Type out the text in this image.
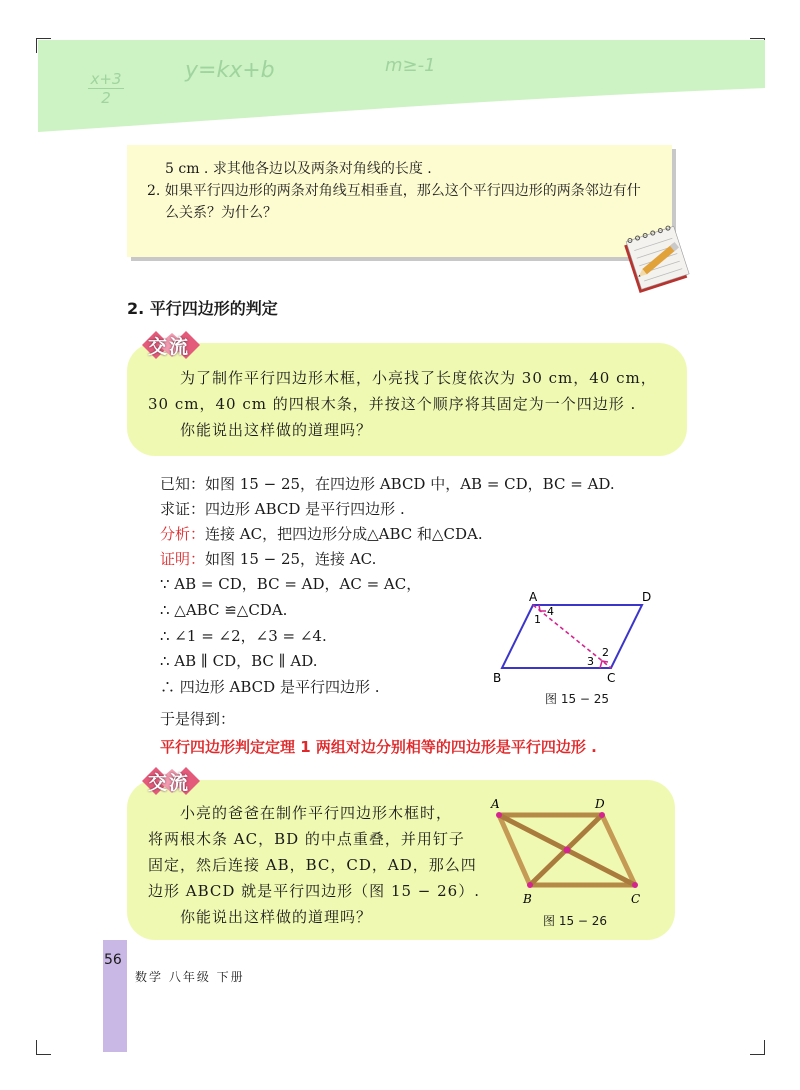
$\frac{x+3}{2}$	y=kx+b	m≥-1
5 cm . 求其他各边以及两条对角线的长度 .
2. 如果平行四边形的两条对角线互相垂直，那么这个平行四边形的两条邻边有什
么关系？为什么？
2. 平行四边形的判定
交流
为了制作平行四边形木框，小亮找了长度依次为 30 cm，40 cm，
30 cm，40 cm 的四根木条，并按这个顺序将其固定为一个四边形 .
你能说出这样做的道理吗？
已知：如图 15 − 25，在四边形 ABCD 中，AB = CD，BC = AD.
求证：四边形 ABCD 是平行四边形 .
分析：连接 AC，把四边形分成△ABC 和△CDA.
证明：如图 15 − 25，连接 AC.
∵ AB = CD，BC = AD，AC = AC，
∴ △ABC ≌△CDA.
∴ ∠1 = ∠2，∠3 = ∠4.
∴ AB ∥ CD，BC ∥ AD.
∴ 四边形 ABCD 是平行四边形 .
于是得到：
平行四边形判定定理 1 两组对边分别相等的四边形是平行四边形 .
A	D
B	C
1
4
2
3
图 15 − 25
交流
小亮的爸爸在制作平行四边形木框时，
将两根木条 AC，BD 的中点重叠，并用钉子
固定，然后连接 AB，BC，CD，AD，那么四
边形 ABCD 就是平行四边形（图 15 − 26）.
你能说出这样做的道理吗？
A	D
B	C
图 15 − 26
56
数学 八年级 下册
